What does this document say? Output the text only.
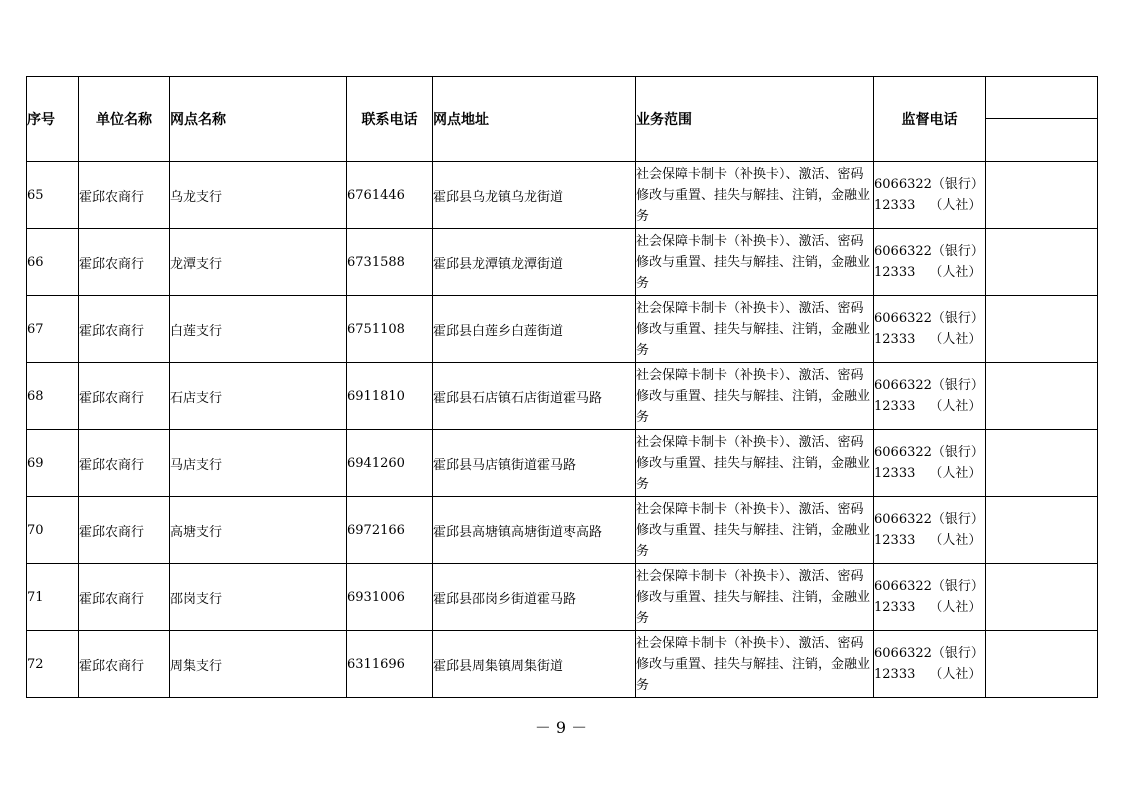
序号	单位名称	网点名称	联系电话	网点地址	业务范围	监督电话	

65	霍邱农商行	乌龙支行	6761446	霍邱县乌龙镇乌龙街道	社会保障卡制卡（补换卡）、激活、密码修改与重置、挂失与解挂、注销，金融业务	6066322（银行）
12333 （人社）	

66	霍邱农商行	龙潭支行	6731588	霍邱县龙潭镇龙潭街道	社会保障卡制卡（补换卡）、激活、密码修改与重置、挂失与解挂、注销，金融业务	6066322（银行）
12333 （人社）	

67	霍邱农商行	白莲支行	6751108	霍邱县白莲乡白莲街道	社会保障卡制卡（补换卡）、激活、密码修改与重置、挂失与解挂、注销，金融业务	6066322（银行）
12333 （人社）	

68	霍邱农商行	石店支行	6911810	霍邱县石店镇石店街道霍马路	社会保障卡制卡（补换卡）、激活、密码修改与重置、挂失与解挂、注销，金融业务	6066322（银行）
12333 （人社）	

69	霍邱农商行	马店支行	6941260	霍邱县马店镇街道霍马路	社会保障卡制卡（补换卡）、激活、密码修改与重置、挂失与解挂、注销，金融业务	6066322（银行）
12333 （人社）	

70	霍邱农商行	高塘支行	6972166	霍邱县高塘镇高塘街道枣高路	社会保障卡制卡（补换卡）、激活、密码修改与重置、挂失与解挂、注销，金融业务	6066322（银行）
12333 （人社）	

71	霍邱农商行	邵岗支行	6931006	霍邱县邵岗乡街道霍马路	社会保障卡制卡（补换卡）、激活、密码修改与重置、挂失与解挂、注销，金融业务	6066322（银行）
12333 （人社）	

72	霍邱农商行	周集支行	6311696	霍邱县周集镇周集街道	社会保障卡制卡（补换卡）、激活、密码修改与重置、挂失与解挂、注销，金融业务	6066322（银行）
12333 （人社）	

－ 9 －
